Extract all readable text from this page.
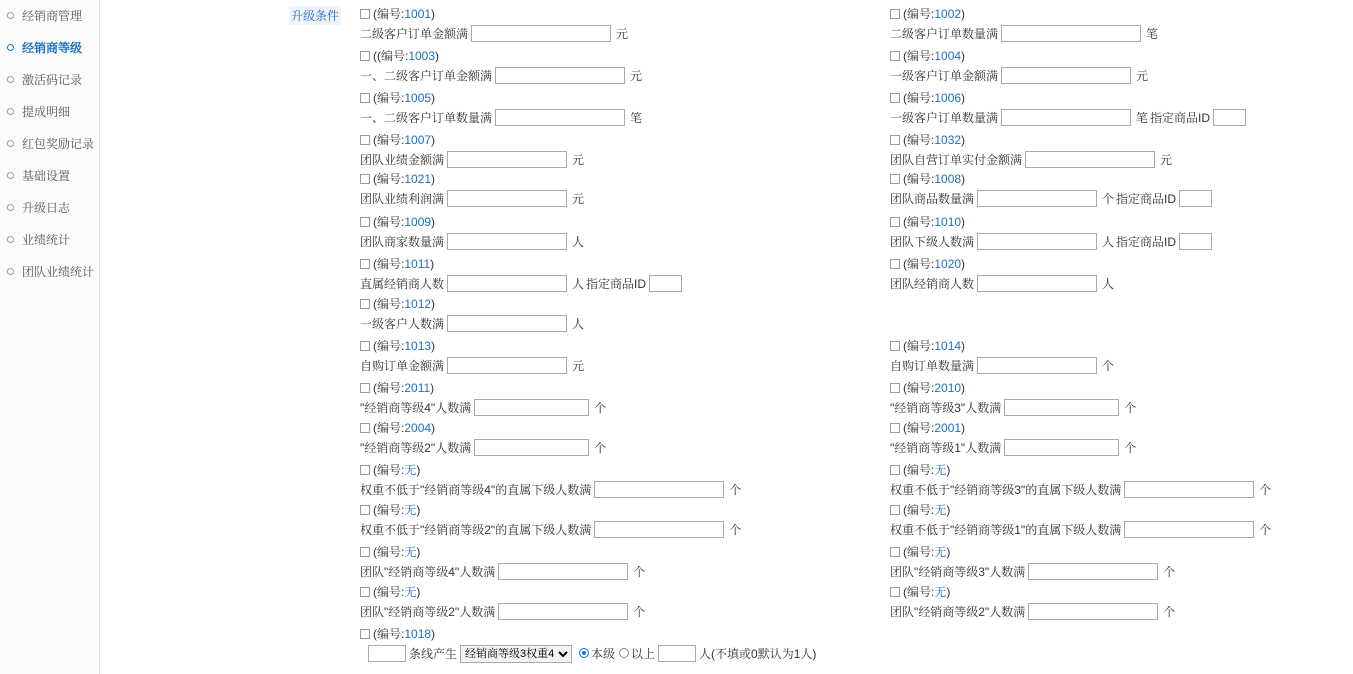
经销商管理
经销商等级
激活码记录
提成明细
红包奖励记录
基础设置
升级日志
业绩统计
团队业绩统计
升级条件	(编号:1001)
二级客户订单金额满	元
((编号:1003)
一、二级客户订单金额满	元
(编号:1005)
一、二级客户订单数量满	笔
(编号:1007)
团队业绩金额满	元
(编号:1021)
团队业绩利润满	元
(编号:1009)
团队商家数量满	人
(编号:1011)
直属经销商人数	人 指定商品ID
(编号:1012)
一级客户人数满	人
(编号:1013)
自购订单金额满	元
(编号:2011)
"经销商等级4"人数满	个
(编号:2004)
"经销商等级2"人数满	个
(编号:无)
权重不低于"经销商等级4"的直属下级人数满	个
(编号:无)
权重不低于"经销商等级2"的直属下级人数满	个
(编号:无)
团队"经销商等级4"人数满	个
(编号:无)
团队"经销商等级2"人数满	个
(编号:1018)
条线产生
经销商等级3权重4	本级 以上	人(不填或0默认为1人)
(编号:1002)
二级客户订单数量满	笔
(编号:1004)
一级客户订单金额满	元
(编号:1006)
一级客户订单数量满	笔 指定商品ID
(编号:1032)
团队自营订单实付金额满	元
(编号:1008)
团队商品数量满	个 指定商品ID
(编号:1010)
团队下级人数满	人 指定商品ID
(编号:1020)
团队经销商人数	人
(编号:1014)
自购订单数量满	个
(编号:2010)
"经销商等级3"人数满	个
(编号:2001)
"经销商等级1"人数满	个
(编号:无)
权重不低于"经销商等级3"的直属下级人数满	个
(编号:无)
权重不低于"经销商等级1"的直属下级人数满	个
(编号:无)
团队"经销商等级3"人数满	个
(编号:无)
团队"经销商等级2"人数满	个
